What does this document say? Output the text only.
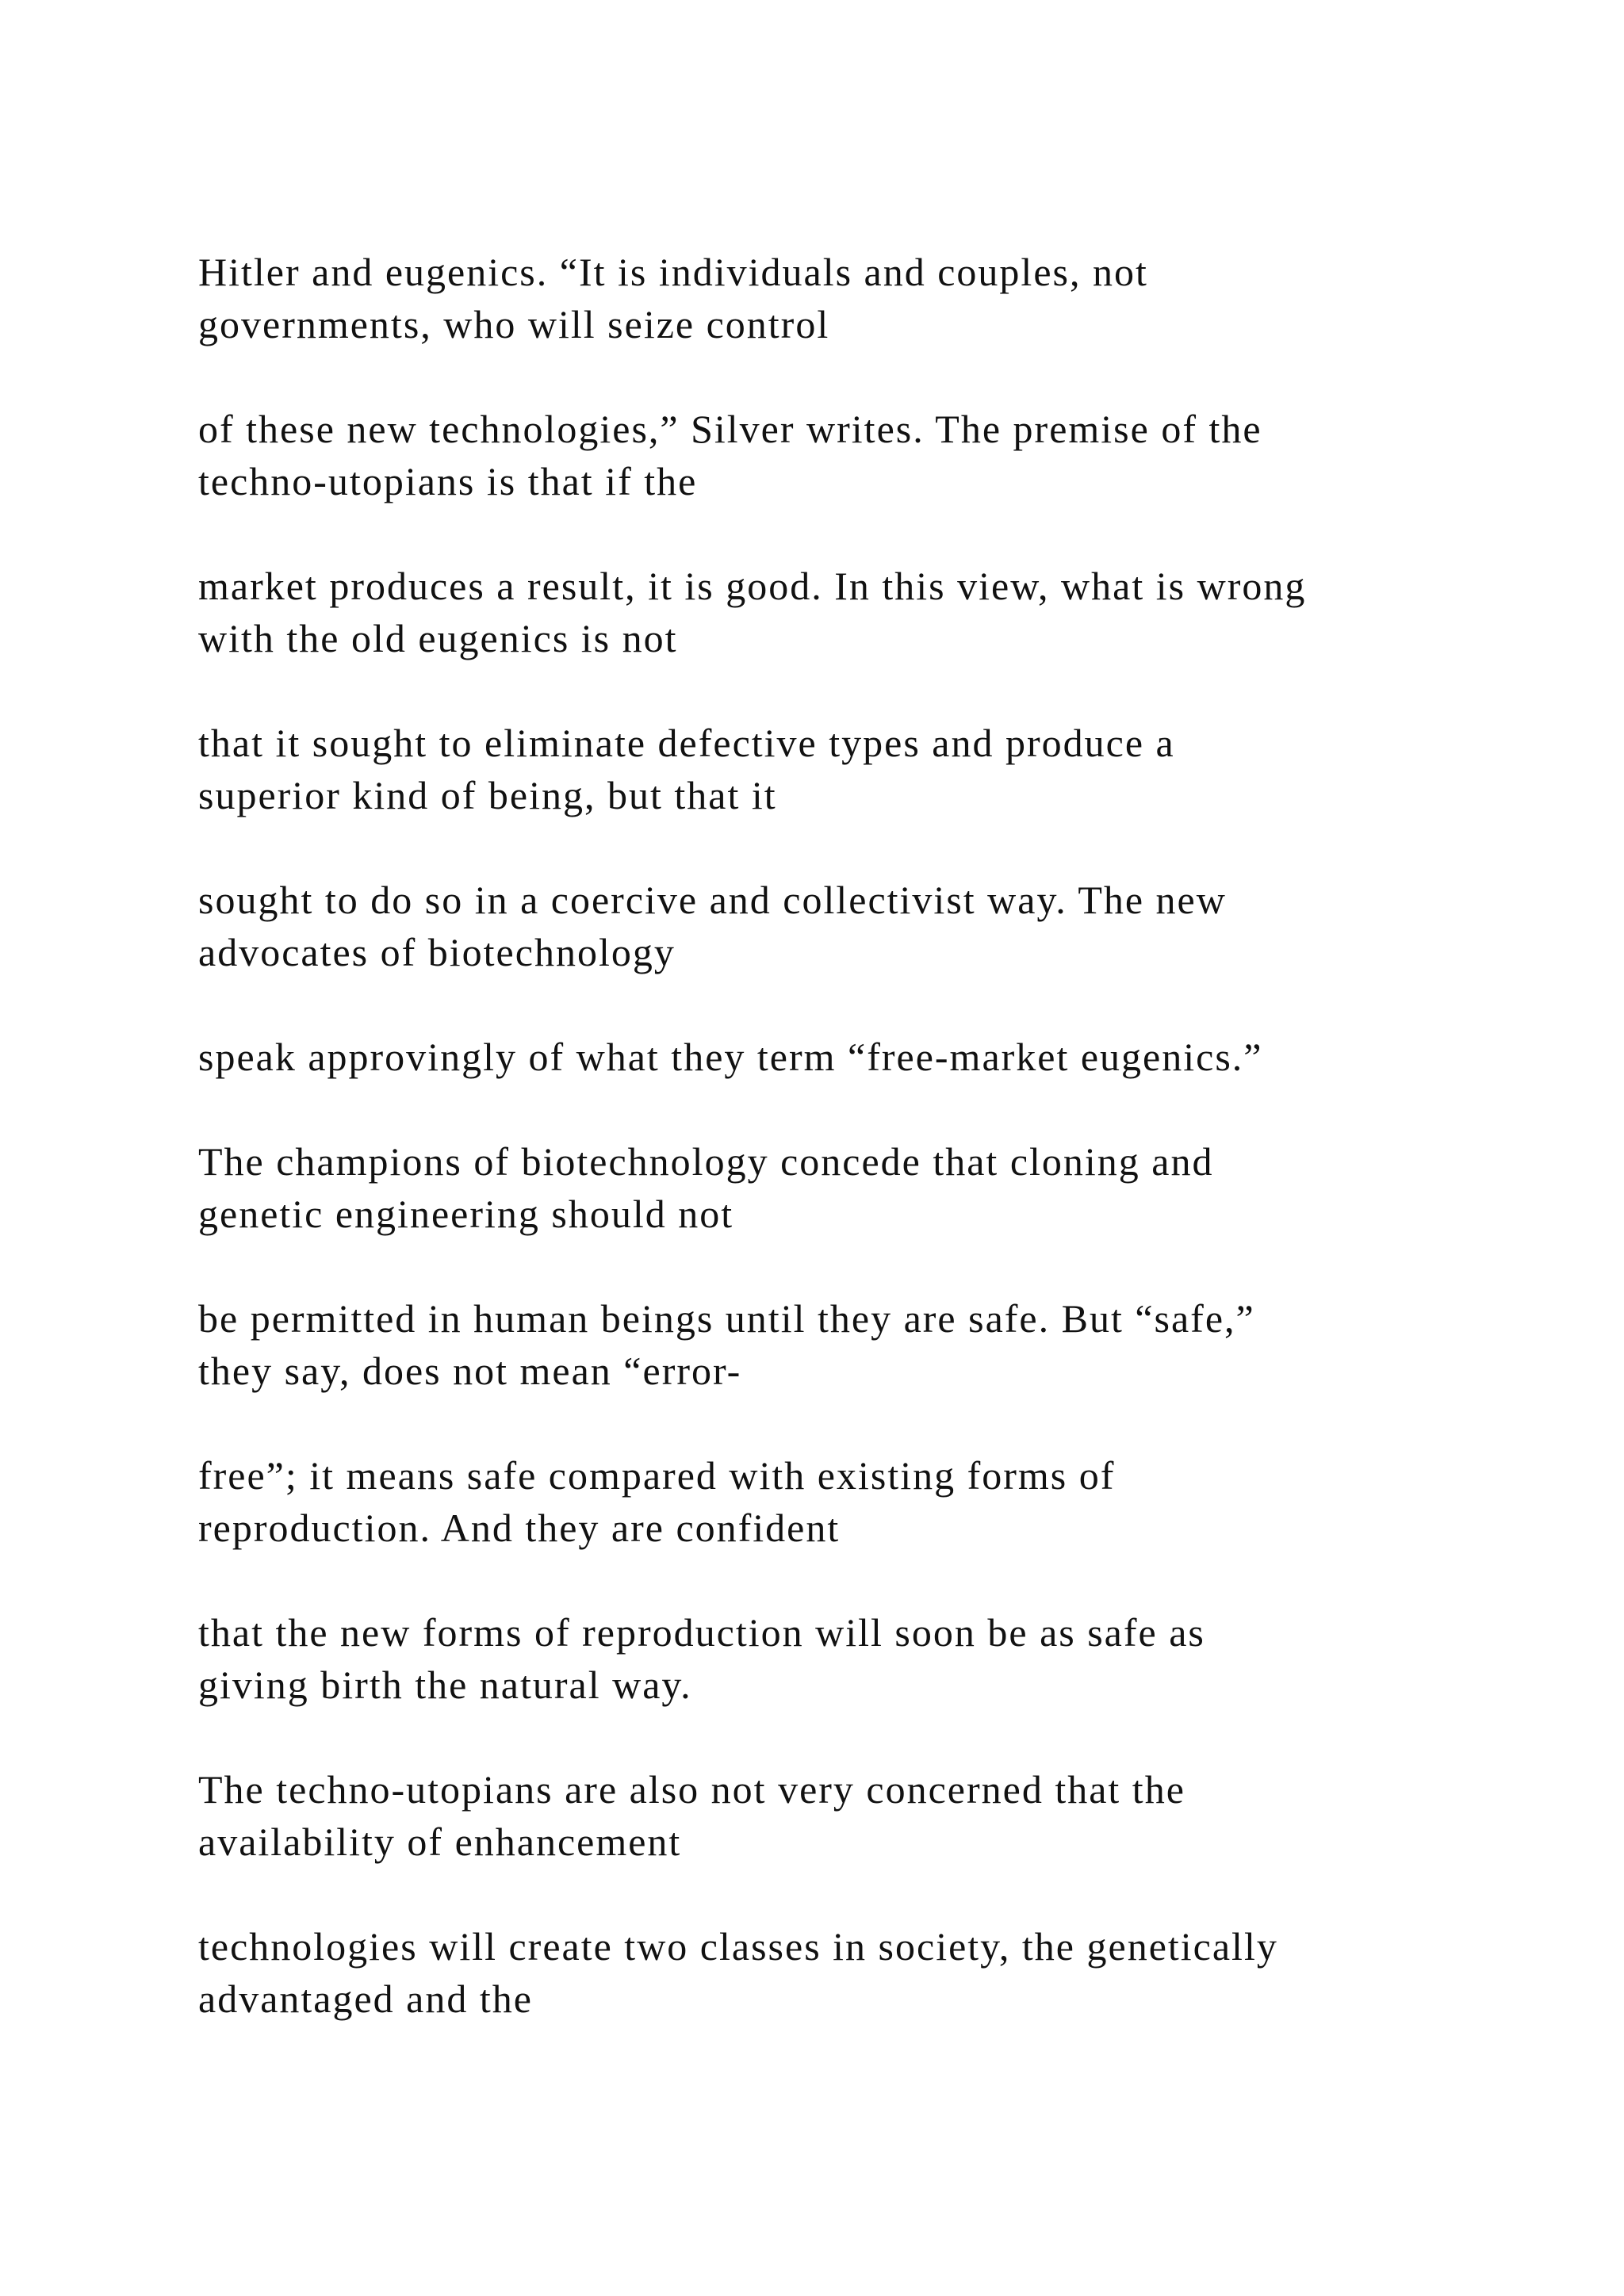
Hitler and eugenics. “It is individuals and couples, not
governments, who will seize control

of these new technologies,” Silver writes. The premise of the
techno-utopians is that if the

market produces a result, it is good. In this view, what is wrong
with the old eugenics is not

that it sought to eliminate defective types and produce a
superior kind of being, but that it

sought to do so in a coercive and collectivist way. The new
advocates of biotechnology

speak approvingly of what they term “free-market eugenics.”

The champions of biotechnology concede that cloning and
genetic engineering should not

be permitted in human beings until they are safe. But “safe,”
they say, does not mean “error-

free”; it means safe compared with existing forms of
reproduction. And they are confident

that the new forms of reproduction will soon be as safe as
giving birth the natural way.

The techno-utopians are also not very concerned that the
availability of enhancement

technologies will create two classes in society, the genetically
advantaged and the
